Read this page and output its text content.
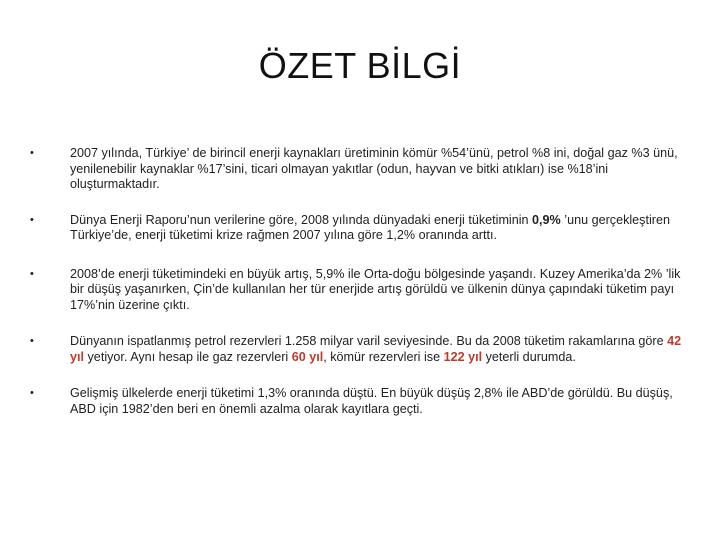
ÖZET BİLGİ
•	2007 yılında, Türkiye’ de birincil enerji kaynakları üretiminin kömür %54’ünü, petrol %8 ini, doğal gaz %3 ünü, yenilenebilir kaynaklar %17’sini, ticari olmayan yakıtlar (odun, hayvan ve bitki atıkları) ise %18’ini oluşturmaktadır.
•	Dünya Enerji Raporu’nun verilerine göre, 2008 yılında dünyadaki enerji tüketiminin 0,9% ’unu gerçekleştiren Türkiye’de, enerji tüketimi krize rağmen 2007 yılına göre 1,2% oranında arttı.
•	2008’de enerji tüketimindeki en büyük artış, 5,9% ile Orta-doğu bölgesinde yaşandı. Kuzey Amerika’da 2% ’lik bir düşüş yaşanırken, Çin’de kullanılan her tür enerjide artış görüldü ve ülkenin dünya çapındaki tüketim payı 17%’nin üzerine çıktı.
•	Dünyanın ispatlanmış petrol rezervleri 1.258 milyar varil seviyesinde. Bu da 2008 tüketim rakamlarına göre 42 yıl yetiyor. Aynı hesap ile gaz rezervleri 60 yıl, kömür rezervleri ise 122 yıl yeterli durumda.
•	Gelişmiş ülkelerde enerji tüketimi 1,3% oranında düştü. En büyük düşüş 2,8% ile ABD’de görüldü. Bu düşüş, ABD için 1982’den beri en önemli azalma olarak kayıtlara geçti.
